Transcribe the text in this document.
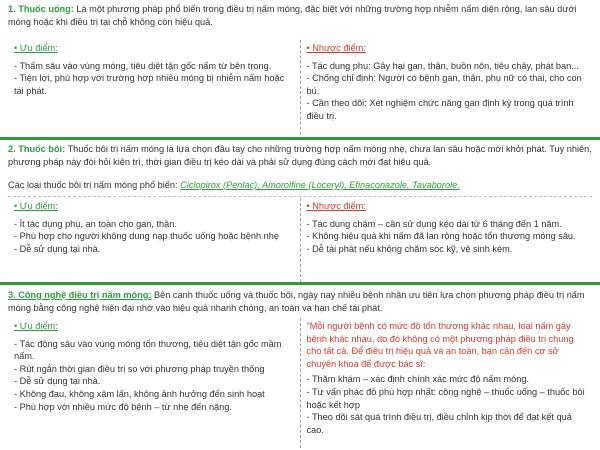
1. Thuốc uống: Là một phương pháp phổ biến trong điều trị nấm móng, đặc biệt với những trường hợp nhiễm nấm diện rộng, lan sâu dưới móng hoặc khi điều trị tại chỗ không còn hiệu quả.
• Ưu điểm:
- Thấm sâu vào vùng móng, tiêu diệt tận gốc nấm từ bên trong.
- Tiện lợi, phù hợp với trường hợp nhiều móng bị nhiễm nấm hoặc tái phát.
• Nhược điểm:
- Tác dụng phụ: Gây hại gan, thận, buồn nôn, tiêu chảy, phát ban...
- Chống chỉ định: Người có bệnh gan, thận, phụ nữ có thai, cho con bú.
- Cần theo dõi: Xét nghiệm chức năng gan định kỳ trong quá trình điều trị.
2. Thuốc bôi: Thuốc bôi trị nấm móng là lựa chọn đầu tay cho những trường hợp nấm móng nhẹ, chưa lan sâu hoặc mới khởi phát. Tuy nhiên, phương pháp này đòi hỏi kiên trì, thời gian điều trị kéo dài và phải sử dụng đúng cách mới đạt hiệu quả.
Các loại thuốc bôi trị nấm móng phổ biến: Ciclopirox (Penlac), Amorolfine (Loceryl), Efinaconazole, Tavaborole.
• Ưu điểm:
- Ít tác dụng phụ, an toàn cho gan, thận.
- Phù hợp cho người không dung nạp thuốc uống hoặc bệnh nhẹ
- Dễ sử dụng tại nhà.
• Nhược điểm:
- Tác dụng chậm – cần sử dụng kéo dài từ 6 tháng đến 1 năm.
- Không hiệu quả khi nấm đã lan rộng hoặc tổn thương móng sâu.
- Dễ tái phát nếu không chăm sóc kỹ, vệ sinh kém.
3. Công nghệ điều trị nấm móng: Bên cạnh thuốc uống và thuốc bôi, ngày nay nhiều bệnh nhân ưu tiên lựa chọn phương pháp điều trị nấm móng bằng công nghệ hiện đại nhờ vào hiệu quả nhanh chóng, an toàn và hạn chế tái phát.
• Ưu điểm:
- Tác động sâu vào vùng móng tổn thương, tiêu diệt tận gốc mầm nấm.
- Rút ngắn thời gian điều trị so với phương pháp truyền thống
- Dễ sử dụng tại nhà.
- Không đau, không xâm lấn, không ảnh hưởng đến sinh hoạt
- Phù hợp với nhiều mức độ bệnh – từ nhẹ đến nặng.
"Mỗi người bệnh có mức độ tổn thương khác nhau, loại nấm gây bệnh khác nhau, do đó không có một phương pháp điều trị chung cho tất cả. Để điều trị hiệu quả và an toàn, bạn cần đến cơ sở chuyên khoa để được bác sĩ:
- Thăm khám – xác định chính xác mức độ nấm móng.
- Tư vấn phác đồ phù hợp nhất: công nghệ – thuốc uống – thuốc bôi hoặc kết hợp
- Theo dõi sát quá trình điều trị, điều chỉnh kịp thời để đạt kết quả cao.
